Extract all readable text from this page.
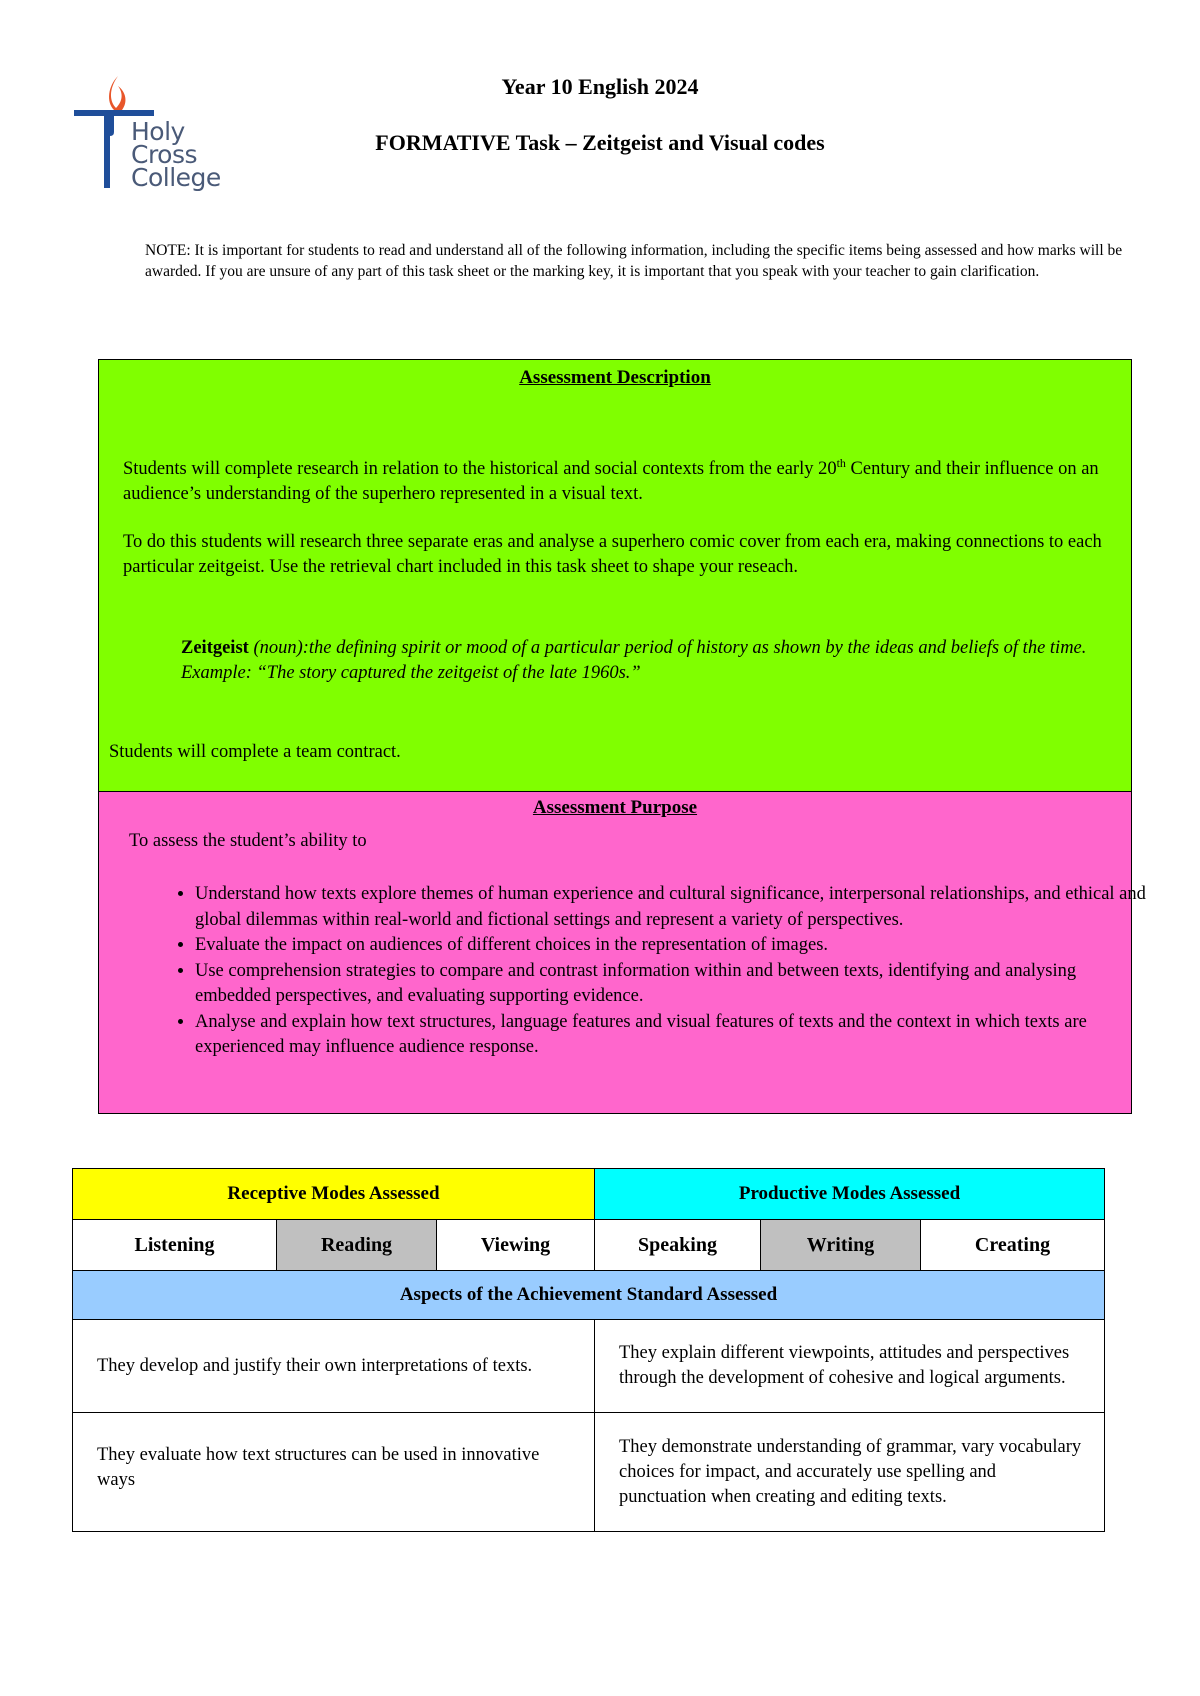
Holy
Cross
College
Year 10 English 2024
FORMATIVE Task – Zeitgeist and Visual codes

NOTE: It is important for students to read and understand all of the following information, including the specific items being assessed and how marks will be awarded. If you are unsure of any part of this task sheet or the marking key, it is important that you speak with your teacher to gain clarification.

Assessment Description

Students will complete research in relation to the historical and social contexts from the early 20th Century and their influence on an audience’s understanding of the superhero represented in a visual text.

To do this students will research three separate eras and analyse a superhero comic cover from each era, making connections to each particular zeitgeist. Use the retrieval chart included in this task sheet to shape your reseach.

Zeitgeist (noun):the defining spirit or mood of a particular period of history as shown by the ideas and beliefs of the time.
Example: “The story captured the zeitgeist of the late 1960s.”

Students will complete a team contract.

Assessment Purpose

To assess the student’s ability to

• Understand how texts explore themes of human experience and cultural significance, interpersonal relationships, and ethical and global dilemmas within real-world and fictional settings and represent a variety of perspectives.
• Evaluate the impact on audiences of different choices in the representation of images.
• Use comprehension strategies to compare and contrast information within and between texts, identifying and analysing embedded perspectives, and evaluating supporting evidence.
• Analyse and explain how text structures, language features and visual features of texts and the context in which texts are experienced may influence audience response.
Receptive Modes Assessed			Productive Modes Assessed		
Listening	Reading	Viewing	Speaking	Writing	Creating
Aspects of the Achievement Standard Assessed					

They develop and justify their own interpretations of texts.			They explain different viewpoints, attitudes and perspectives through the development of cohesive and logical arguments.		

They evaluate how text structures can be used in innovative ways			They demonstrate understanding of grammar, vary vocabulary choices for impact, and accurately use spelling and punctuation when creating and editing texts.		
